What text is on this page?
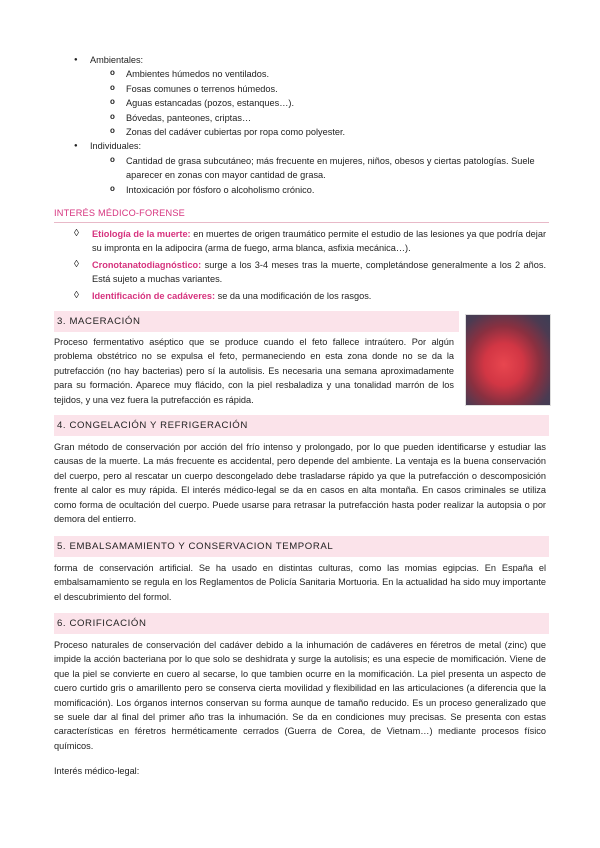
● Ambientales:
o Ambientes húmedos no ventilados.
o Fosas comunes o terrenos húmedos.
o Aguas estancadas (pozos, estanques…).
o Bóvedas, panteones, criptas…
o Zonas del cadáver cubiertas por ropa como polyester.
● Individuales:
o Cantidad de grasa subcutáneo; más frecuente en mujeres, niños, obesos y ciertas patologías. Suele aparecer en zonas con mayor cantidad de grasa.
o Intoxicación por fósforo o alcoholismo crónico.
INTERÉS MÉDICO-FORENSE
◊ Etiología de la muerte: en muertes de origen traumático permite el estudio de las lesiones ya que podría dejar su impronta en la adipocira (arma de fuego, arma blanca, asfixia mecánica…).
◊ Cronotanatodiagnóstico: surge a los 3-4 meses tras la muerte, completándose generalmente a los 2 años. Está sujeto a muchas variantes.
◊ Identificación de cadáveres: se da una modificación de los rasgos.
3. MACERACIÓN

Proceso fermentativo aséptico que se produce cuando el feto fallece intraútero. Por algún problema obstétrico no se expulsa el feto, permaneciendo en esta zona donde no se da la putrefacción (no hay bacterias) pero sí la autolisis. Es necesaria una semana aproximadamente para su formación. Aparece muy flácido, con la piel resbaladiza y una tonalidad marrón de los tejidos, y una vez fuera la putrefacción es rápida.

4. CONGELACIÓN Y REFRIGERACIÓN

Gran método de conservación por acción del frío intenso y prolongado, por lo que pueden identificarse y estudiar las causas de la muerte. La más frecuente es accidental, pero depende del ambiente. La ventaja es la buena conservación del cuerpo, pero al rescatar un cuerpo descongelado debe trasladarse rápido ya que la putrefacción o descomposición frente al calor es muy rápida. El interés médico-legal se da en casos en alta montaña. En casos criminales se utiliza como forma de ocultación del cuerpo. Puede usarse para retrasar la putrefacción hasta poder realizar la autopsia o por demora del entierro.

5. EMBALSAMAMIENTO Y CONSERVACION TEMPORAL

forma de conservación artificial. Se ha usado en distintas culturas, como las momias egipcias. En España el embalsamamiento se regula en los Reglamentos de Policía Sanitaria Mortuoria. En la actualidad ha sido muy importante el descubrimiento del formol.

6. CORIFICACIÓN

Proceso naturales de conservación del cadáver debido a la inhumación de cadáveres en féretros de metal (zinc) que impide la acción bacteriana por lo que solo se deshidrata y surge la autolisis; es una especie de momificación. Viene de que la piel se convierte en cuero al secarse, lo que tambien ocurre en la momificación. La piel presenta un aspecto de cuero curtido gris o amarillento pero se conserva cierta movilidad y flexibilidad en las articulaciones (a diferencia que la momificación). Los órganos internos conservan su forma aunque de tamaño reducido. Es un proceso generalizado que se suele dar al final del primer año tras la inhumación. Se da en condiciones muy precisas. Se presenta con estas características en féretros herméticamente cerrados (Guerra de Corea, de Vietnam…) mediante procesos físico químicos.

Interés médico-legal:
